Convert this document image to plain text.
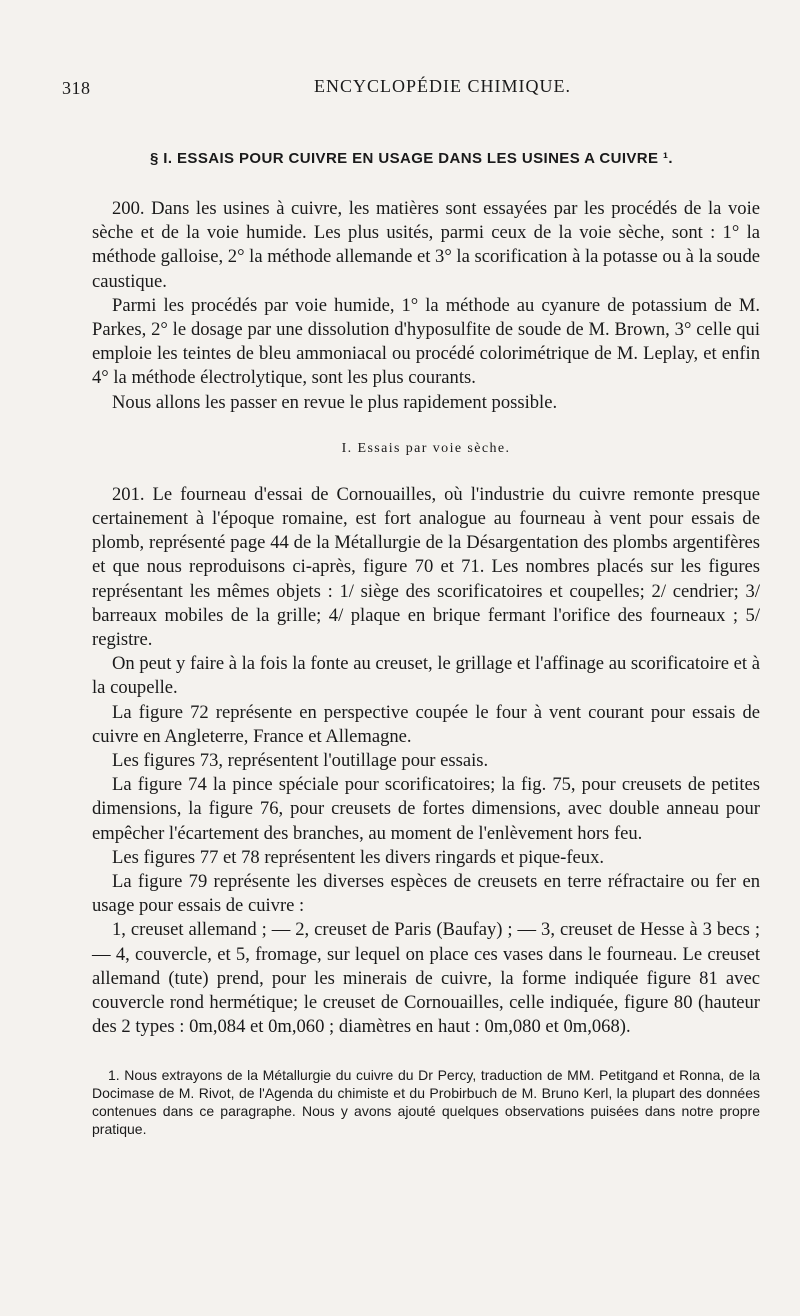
318	ENCYCLOPÉDIE CHIMIQUE.
§ I. ESSAIS POUR CUIVRE EN USAGE DANS LES USINES A CUIVRE ¹.

200. Dans les usines à cuivre, les matières sont essayées par les procédés de la voie sèche et de la voie humide. Les plus usités, parmi ceux de la voie sèche, sont : 1° la méthode galloise, 2° la méthode allemande et 3° la scorification à la potasse ou à la soude caustique.

Parmi les procédés par voie humide, 1° la méthode au cyanure de potassium de M. Parkes, 2° le dosage par une dissolution d'hyposulfite de soude de M. Brown, 3° celle qui emploie les teintes de bleu ammoniacal ou procédé colorimétrique de M. Leplay, et enfin 4° la méthode électrolytique, sont les plus courants.

Nous allons les passer en revue le plus rapidement possible.

I. Essais par voie sèche.

201. Le fourneau d'essai de Cornouailles, où l'industrie du cuivre remonte presque certainement à l'époque romaine, est fort analogue au fourneau à vent pour essais de plomb, représenté page 44 de la Métallurgie de la Désargentation des plombs argentifères et que nous reproduisons ci-après, figure 70 et 71. Les nombres placés sur les figures représentant les mêmes objets : 1/ siège des scorificatoires et coupelles; 2/ cendrier; 3/ barreaux mobiles de la grille; 4/ plaque en brique fermant l'orifice des fourneaux ; 5/ registre.

On peut y faire à la fois la fonte au creuset, le grillage et l'affinage au scorificatoire et à la coupelle.

La figure 72 représente en perspective coupée le four à vent courant pour essais de cuivre en Angleterre, France et Allemagne.

Les figures 73, représentent l'outillage pour essais.

La figure 74 la pince spéciale pour scorificatoires; la fig. 75, pour creusets de petites dimensions, la figure 76, pour creusets de fortes dimensions, avec double anneau pour empêcher l'écartement des branches, au moment de l'enlèvement hors feu.

Les figures 77 et 78 représentent les divers ringards et pique-feux.

La figure 79 représente les diverses espèces de creusets en terre réfractaire ou fer en usage pour essais de cuivre :

1, creuset allemand ; — 2, creuset de Paris (Baufay) ; — 3, creuset de Hesse à 3 becs ; — 4, couvercle, et 5, fromage, sur lequel on place ces vases dans le fourneau. Le creuset allemand (tute) prend, pour les minerais de cuivre, la forme indiquée figure 81 avec couvercle rond hermétique; le creuset de Cornouailles, celle indiquée, figure 80 (hauteur des 2 types : 0m,084 et 0m,060 ; diamètres en haut : 0m,080 et 0m,068).

1. Nous extrayons de la Métallurgie du cuivre du Dr Percy, traduction de MM. Petitgand et Ronna, de la Docimase de M. Rivot, de l'Agenda du chimiste et du Probirbuch de M. Bruno Kerl, la plupart des données contenues dans ce paragraphe. Nous y avons ajouté quelques observations puisées dans notre propre pratique.
